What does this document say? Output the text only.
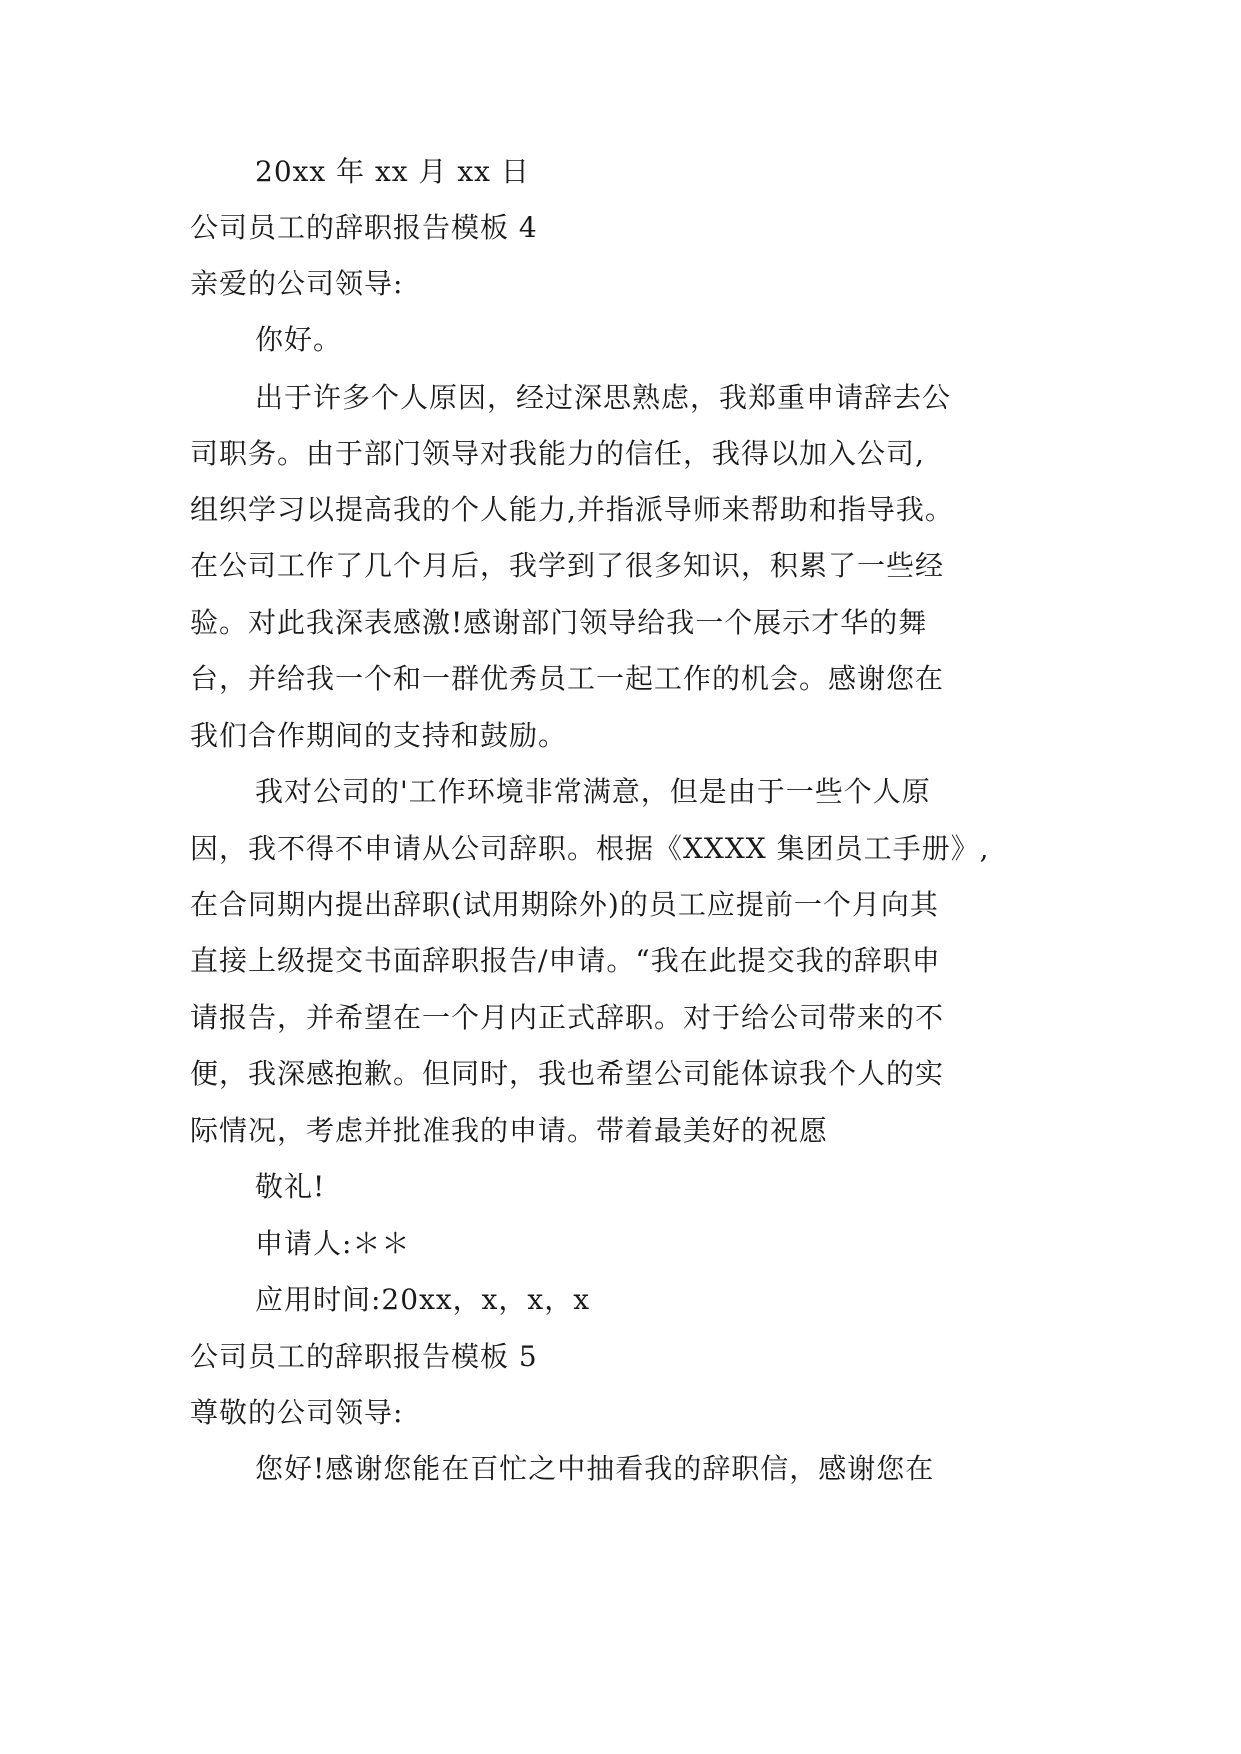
20xx 年 xx 月 xx 日
公司员工的辞职报告模板 4
亲爱的公司领导:
你好。
出于许多个人原因，经过深思熟虑，我郑重申请辞去公
司职务。由于部门领导对我能力的信任，我得以加入公司,
组织学习以提高我的个人能力,并指派导师来帮助和指导我。
在公司工作了几个月后，我学到了很多知识，积累了一些经
验。对此我深表感激!感谢部门领导给我一个展示才华的舞
台，并给我一个和一群优秀员工一起工作的机会。感谢您在
我们合作期间的支持和鼓励。
我对公司的'工作环境非常满意，但是由于一些个人原
因，我不得不申请从公司辞职。根据《XXXX 集团员工手册》,
在合同期内提出辞职(试用期除外)的员工应提前一个月向其
直接上级提交书面辞职报告/申请。“我在此提交我的辞职申
请报告，并希望在一个月内正式辞职。对于给公司带来的不
便，我深感抱歉。但同时，我也希望公司能体谅我个人的实
际情况，考虑并批准我的申请。带着最美好的祝愿
敬礼!
申请人:＊＊
应用时间:20xx，x，x，x
公司员工的辞职报告模板 5
尊敬的公司领导:
您好!感谢您能在百忙之中抽看我的辞职信，感谢您在
